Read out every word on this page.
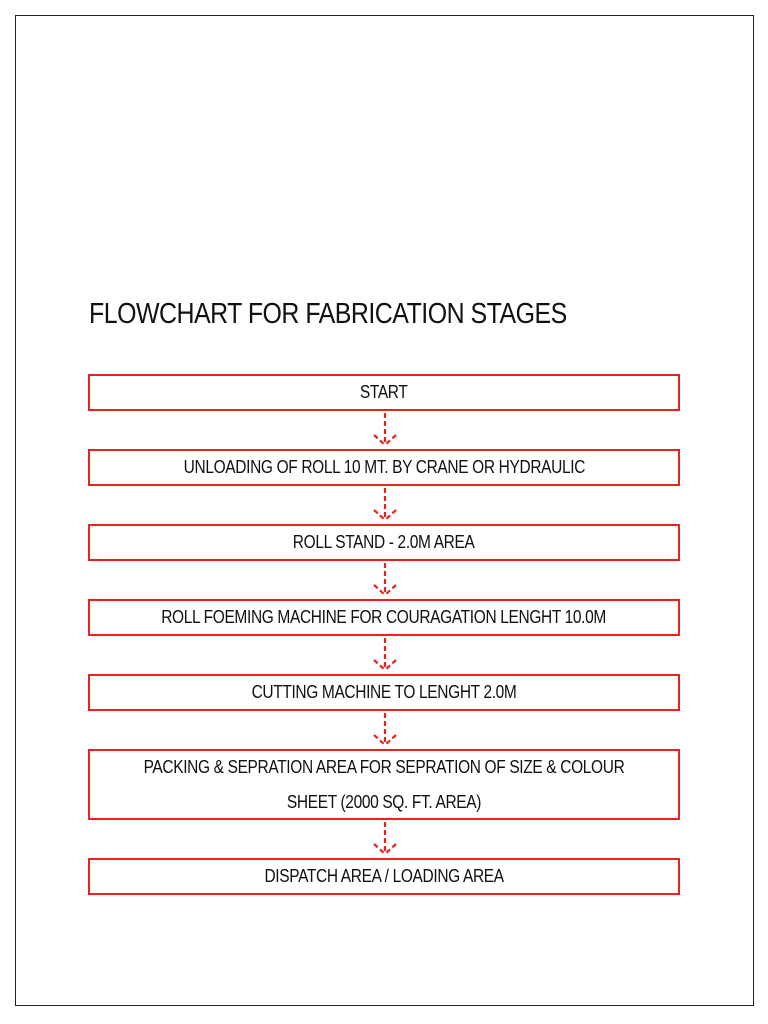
FLOWCHART FOR FABRICATION STAGES
START
UNLOADING OF ROLL 10 MT. BY CRANE OR HYDRAULIC
ROLL STAND - 2.0M AREA
ROLL FOEMING MACHINE FOR COURAGATION LENGHT 10.0M
CUTTING MACHINE TO LENGHT 2.0M
PACKING & SEPRATION AREA FOR SEPRATION OF SIZE & COLOUR SHEET (2000 SQ. FT. AREA)
DISPATCH AREA / LOADING AREA
